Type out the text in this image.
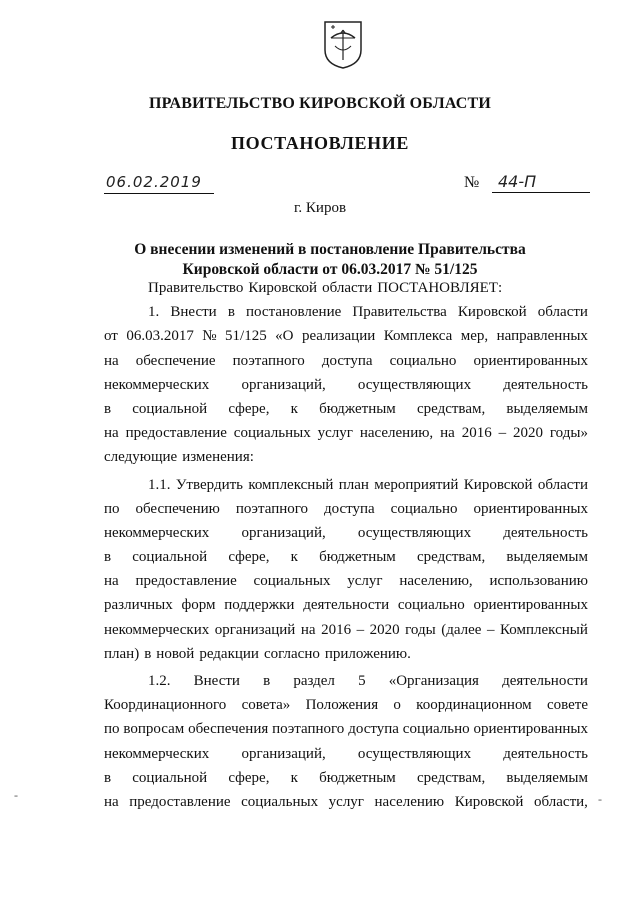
ПРАВИТЕЛЬСТВО КИРОВСКОЙ ОБЛАСТИ
ПОСТАНОВЛЕНИЕ
06.02.2019	№	44-П
г. Киров
О внесении изменений в постановление Правительства
Кировской области от 06.03.2017 № 51/125
Правительство Кировской области ПОСТАНОВЛЯЕТ:
1. Внести в постановление Правительства Кировской области
от 06.03.2017 № 51/125 «О реализации Комплекса мер, направленных
на обеспечение поэтапного доступа социально ориентированных
некоммерческих организаций, осуществляющих деятельность
в социальной сфере, к бюджетным средствам, выделяемым
на предоставление социальных услуг населению, на 2016 – 2020 годы»
следующие изменения:
1.1. Утвердить комплексный план мероприятий Кировской области
по обеспечению поэтапного доступа социально ориентированных
некоммерческих организаций, осуществляющих деятельность
в социальной сфере, к бюджетным средствам, выделяемым
на предоставление социальных услуг населению, использованию
различных форм поддержки деятельности социально ориентированных
некоммерческих организаций на 2016 – 2020 годы (далее – Комплексный
план) в новой редакции согласно приложению.
1.2. Внести в раздел 5 «Организация деятельности
Координационного совета» Положения о координационном совете
по вопросам обеспечения поэтапного доступа социально ориентированных
некоммерческих организаций, осуществляющих деятельность
в социальной сфере, к бюджетным средствам, выделяемым
на предоставление социальных услуг населению Кировской области,
-	-
